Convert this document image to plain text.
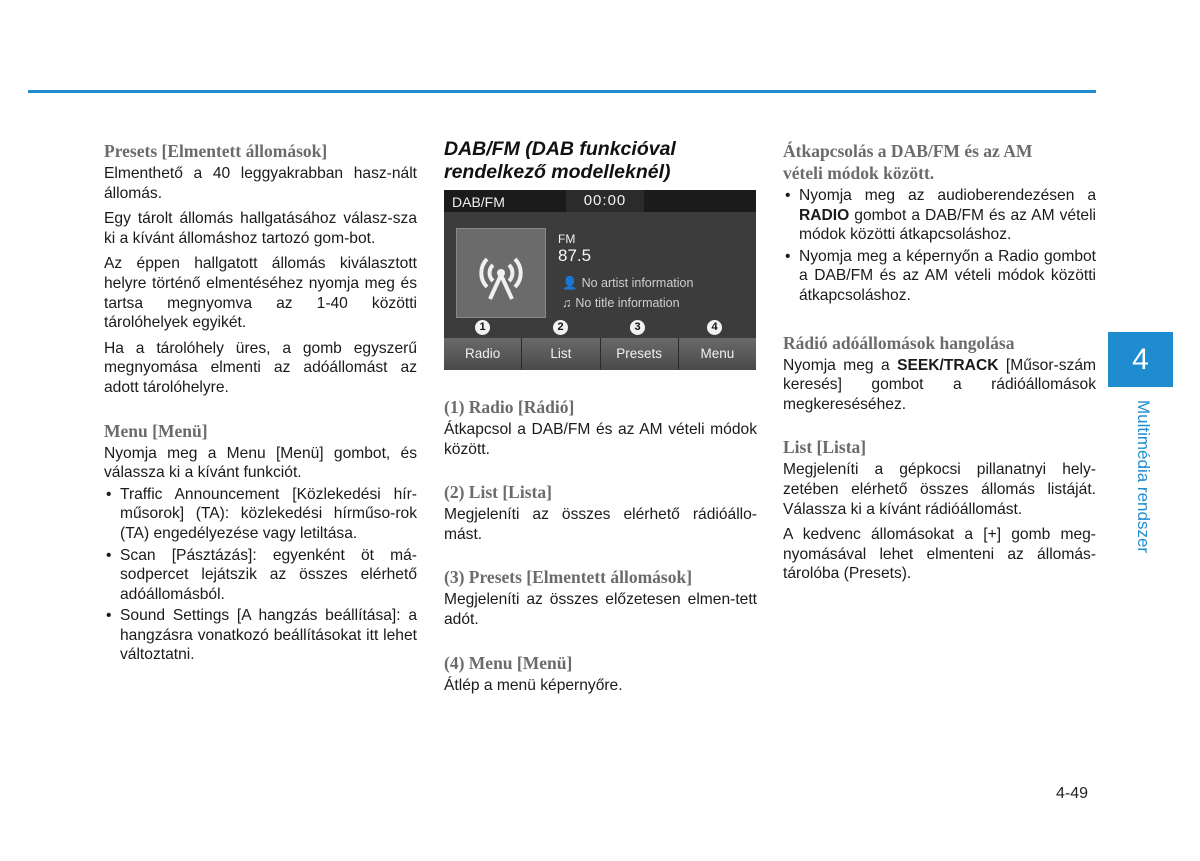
Presets [Elmentett állomások]

Elmenthető a 40 leggyakrabban hasz-nált állomás.

Egy tárolt állomás hallgatásához válasz-sza ki a kívánt állomáshoz tartozó gom-bot.

Az éppen hallgatott állomás kiválasztott helyre történő elmentéséhez nyomja meg és tartsa megnyomva az 1-40 közötti tárolóhelyek egyikét.

Ha a tárolóhely üres, a gomb egyszerű megnyomása elmenti az adóállomást az adott tárolóhelyre.

Menu [Menü]

Nyomja meg a Menu [Menü] gombot, és válassza ki a kívánt funkciót.

• Traffic Announcement [Közlekedési hír-műsorok] (TA): közlekedési hírműso-rok (TA) engedélyezése vagy letiltása.
• Scan [Pásztázás]: egyenként öt má-sodpercet lejátszik az összes elérhető adóállomásból.
• Sound Settings [A hangzás beállítása]: a hangzásra vonatkozó beállításokat itt lehet változtatni.
DAB/FM (DAB funkcióval
rendelkező modelleknél)
DAB/FM	00:00
FM
87.5
👤 No artist information
♫ No title information
1	2	3	4
Radio	List	Presets	Menu
(1) Radio [Rádió]

Átkapcsol a DAB/FM és az AM vételi módok között.

(2) List [Lista]

Megjeleníti az összes elérhető rádióállo-mást.

(3) Presets [Elmentett állomások]

Megjeleníti az összes előzetesen elmen-tett adót.

(4) Menu [Menü]

Átlép a menü képernyőre.

Átkapcsolás a DAB/FM és az AM
vételi módok között.
• Nyomja meg az audioberendezésen a RADIO gombot a DAB/FM és az AM vételi módok közötti átkapcsoláshoz.
• Nyomja meg a képernyőn a Radio gombot a DAB/FM és az AM vételi módok közötti átkapcsoláshoz.
Rádió adóállomások hangolása

Nyomja meg a SEEK/TRACK [Műsor-szám keresés] gombot a rádióállomások megkereséséhez.

List [Lista]

Megjeleníti a gépkocsi pillanatnyi hely-zetében elérhető összes állomás listáját. Válassza ki a kívánt rádióállomást.

A kedvenc állomásokat a [+] gomb meg-nyomásával lehet elmenteni az állomás-tárolóba (Presets).

4
Multimédia rendszer
4-49
